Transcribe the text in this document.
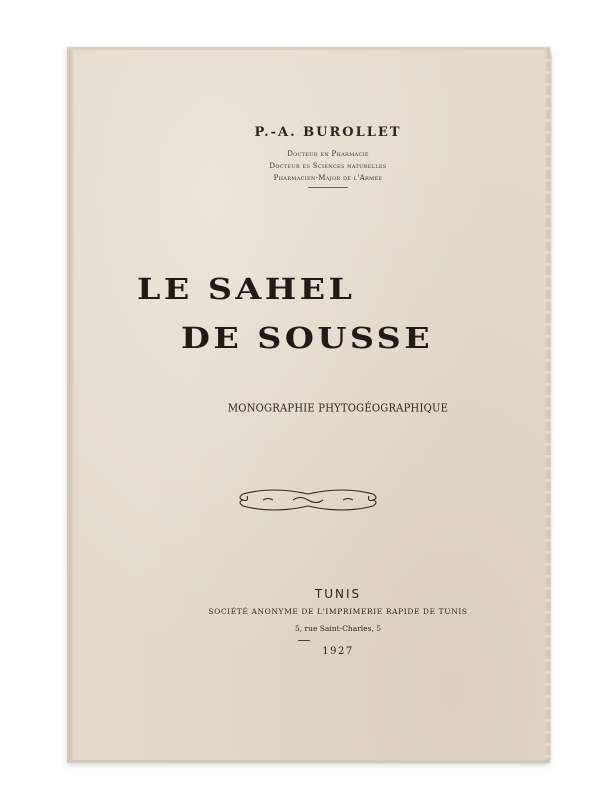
P.-A. BUROLLET
Docteur en Pharmacie
Docteur ès Sciences naturelles
Pharmacien-Major de l'Armée
LE SAHEL
DE SOUSSE
MONOGRAPHIE PHYTOGÉOGRAPHIQUE
TUNIS
SOCIÉTÉ ANONYME DE L'IMPRIMERIE RAPIDE DE TUNIS
5, rue Saint-Charles, 5
1927
